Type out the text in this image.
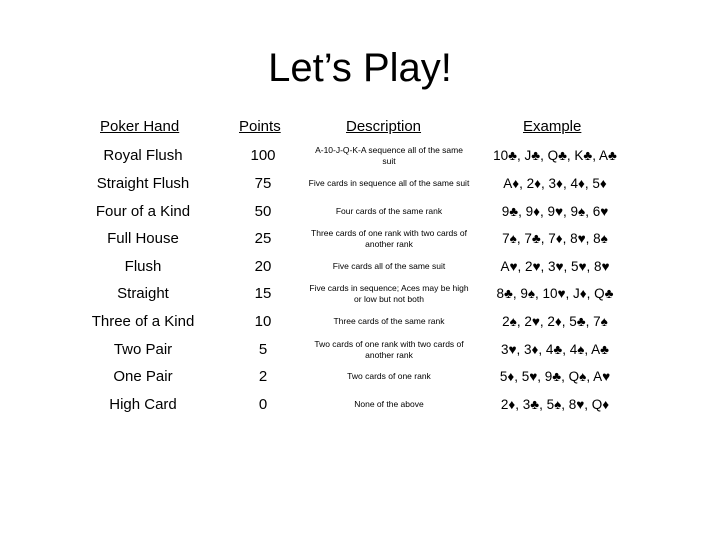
Let’s Play!
Poker Hand	Points	Description	Example
Royal Flush	100	A-10-J-Q-K-A sequence all of the same suit	10♣, J♣, Q♣, K♣, A♣
Straight Flush	75	Five cards in sequence all of the same suit	A♦, 2♦, 3♦, 4♦, 5♦
Four of a Kind	50	Four cards of the same rank	9♣, 9♦, 9♥, 9♠, 6♥
Full House	25	Three cards of one rank with two cards of another rank	7♠, 7♣, 7♦, 8♥, 8♠
Flush	20	Five cards all of the same suit	A♥, 2♥, 3♥, 5♥, 8♥
Straight	15	Five cards in sequence; Aces may be high or low but not both	8♣, 9♠, 10♥, J♦, Q♣
Three of a Kind	10	Three cards of the same rank	2♠, 2♥, 2♦, 5♣, 7♠
Two Pair	5	Two cards of one rank with two cards of another rank	3♥, 3♦, 4♣, 4♠, A♣
One Pair	2	Two cards of one rank	5♦, 5♥, 9♣, Q♠, A♥
High Card	0	None of the above	2♦, 3♣, 5♠, 8♥, Q♦
